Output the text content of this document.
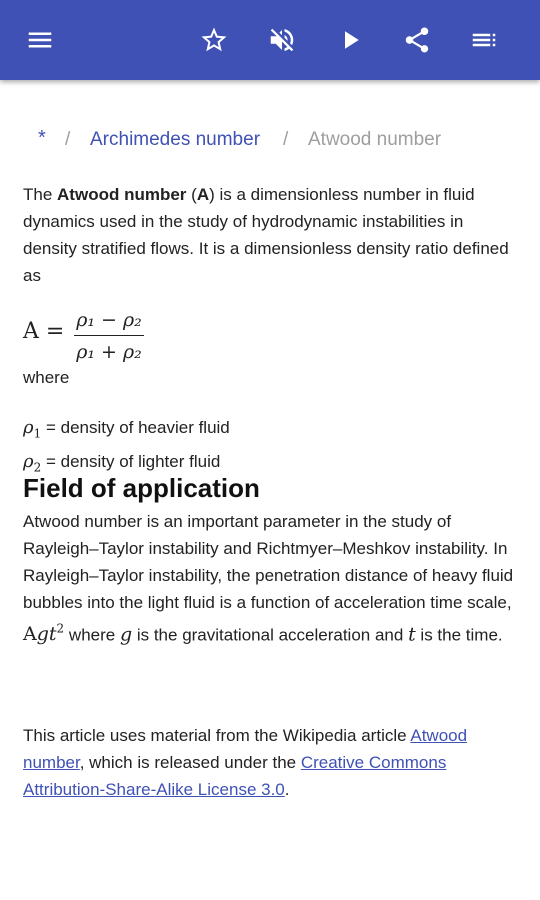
* / Archimedes number / Atwood number

The Atwood number (A) is a dimensionless number in fluid dynamics used in the study of hydrodynamic instabilities in density stratified flows. It is a dimensionless density ratio defined as

A = ρ₁ − ρ₂
ρ₁ + ρ₂
where
$\rho_1$ = density of heavier fluid
$\rho_2$ = density of lighter fluid
Field of application

Atwood number is an important parameter in the study of Rayleigh–Taylor instability and Richtmyer–Meshkov instability. In Rayleigh–Taylor instability, the penetration distance of heavy fluid bubbles into the light fluid is a function of acceleration time scale, Agt$^2$ where g is the gravitational acceleration and t is the time.

This article uses material from the Wikipedia article Atwood number, which is released under the Creative Commons Attribution-Share-Alike License 3.0.
